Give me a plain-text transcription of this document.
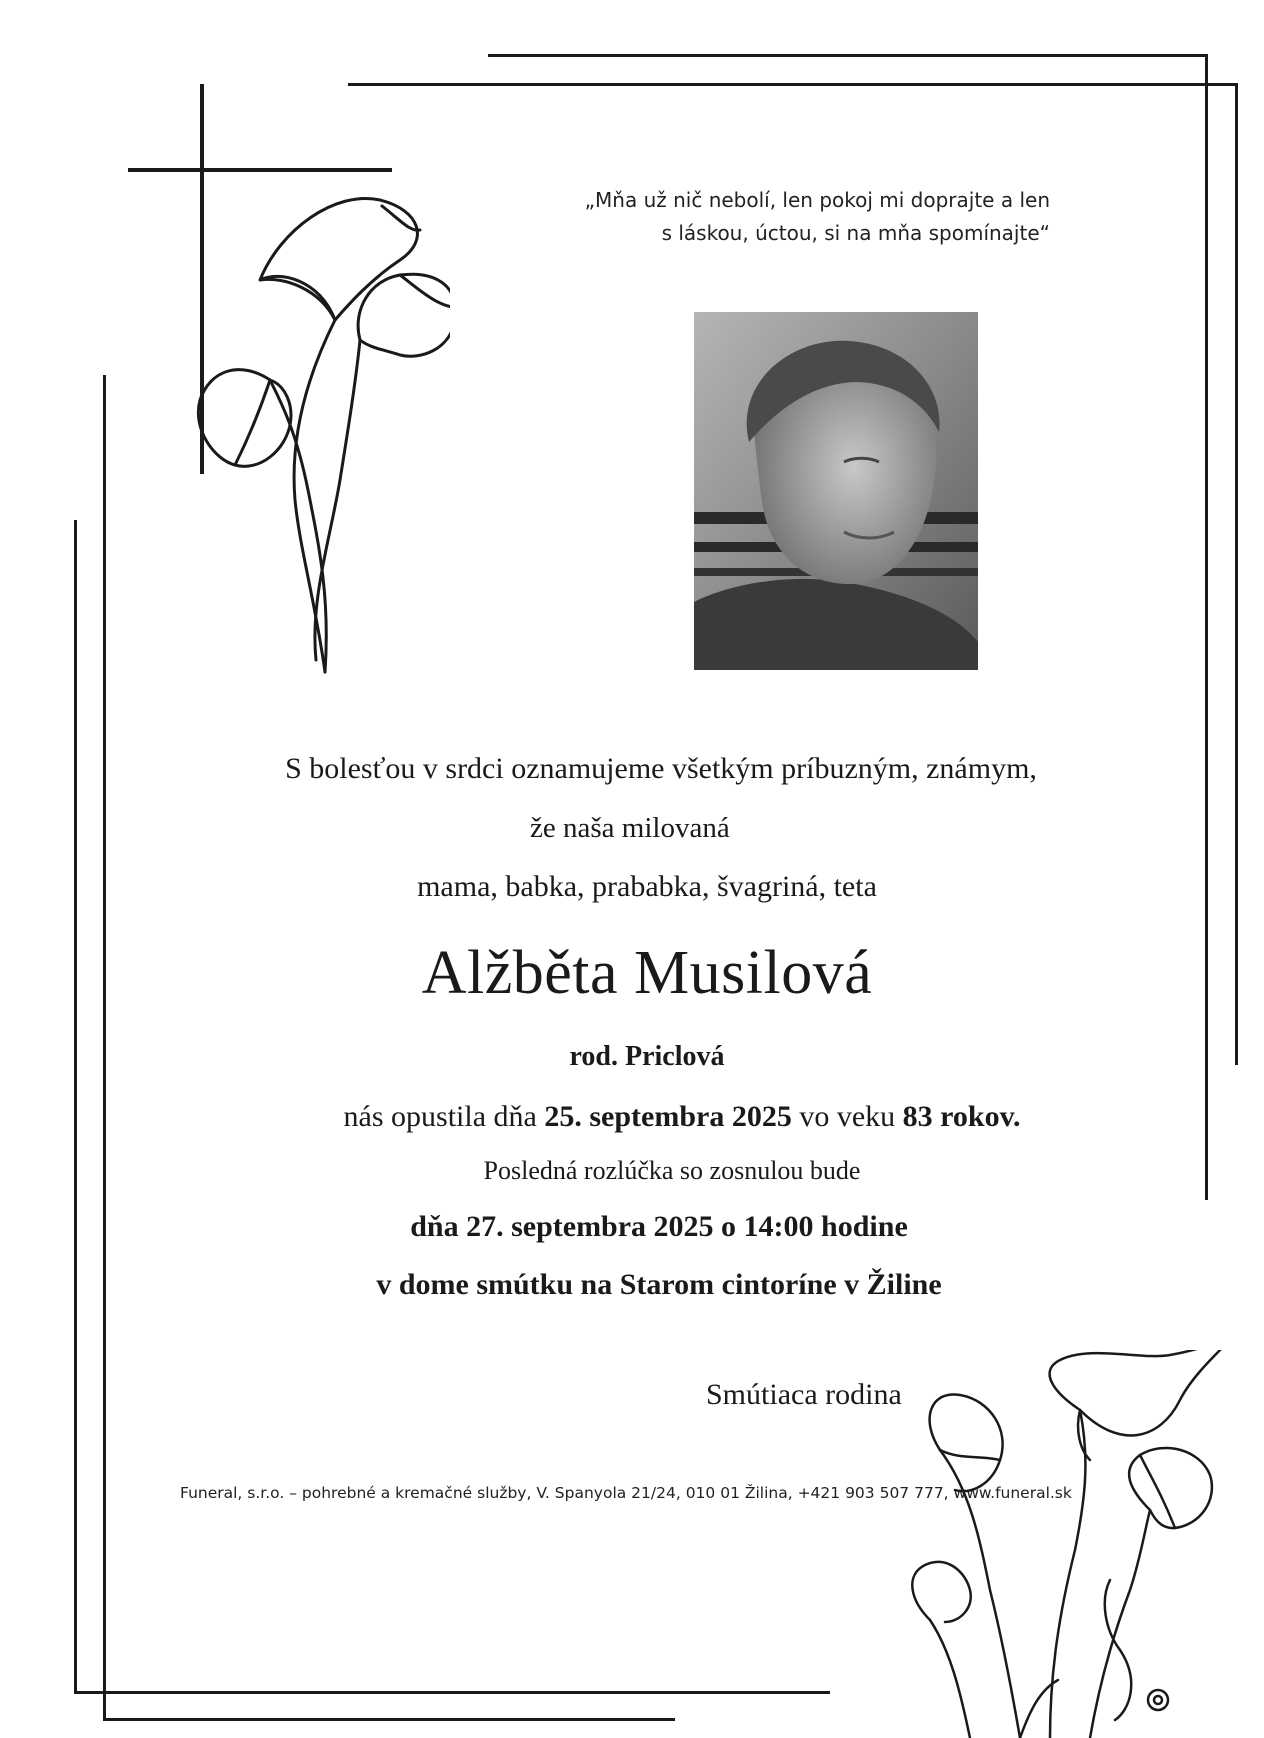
„Mňa už nič nebolí, len pokoj mi doprajte a len
s láskou, úctou, si na mňa spomínajte“
S bolesťou v srdci oznamujeme všetkým príbuzným, známym,
že naša milovaná
mama, babka, prababka, švagriná, teta
Alžběta Musilová
rod. Priclová
nás opustila dňa 25. septembra 2025 vo veku 83 rokov.
Posledná rozlúčka so zosnulou bude
dňa 27. septembra 2025 o 14:00 hodine
v dome smútku na Starom cintoríne v Žiline
Smútiaca rodina
Funeral, s.r.o. – pohrebné a kremačné služby, V. Spanyola 21/24, 010 01 Žilina, +421 903 507 777, www.funeral.sk
